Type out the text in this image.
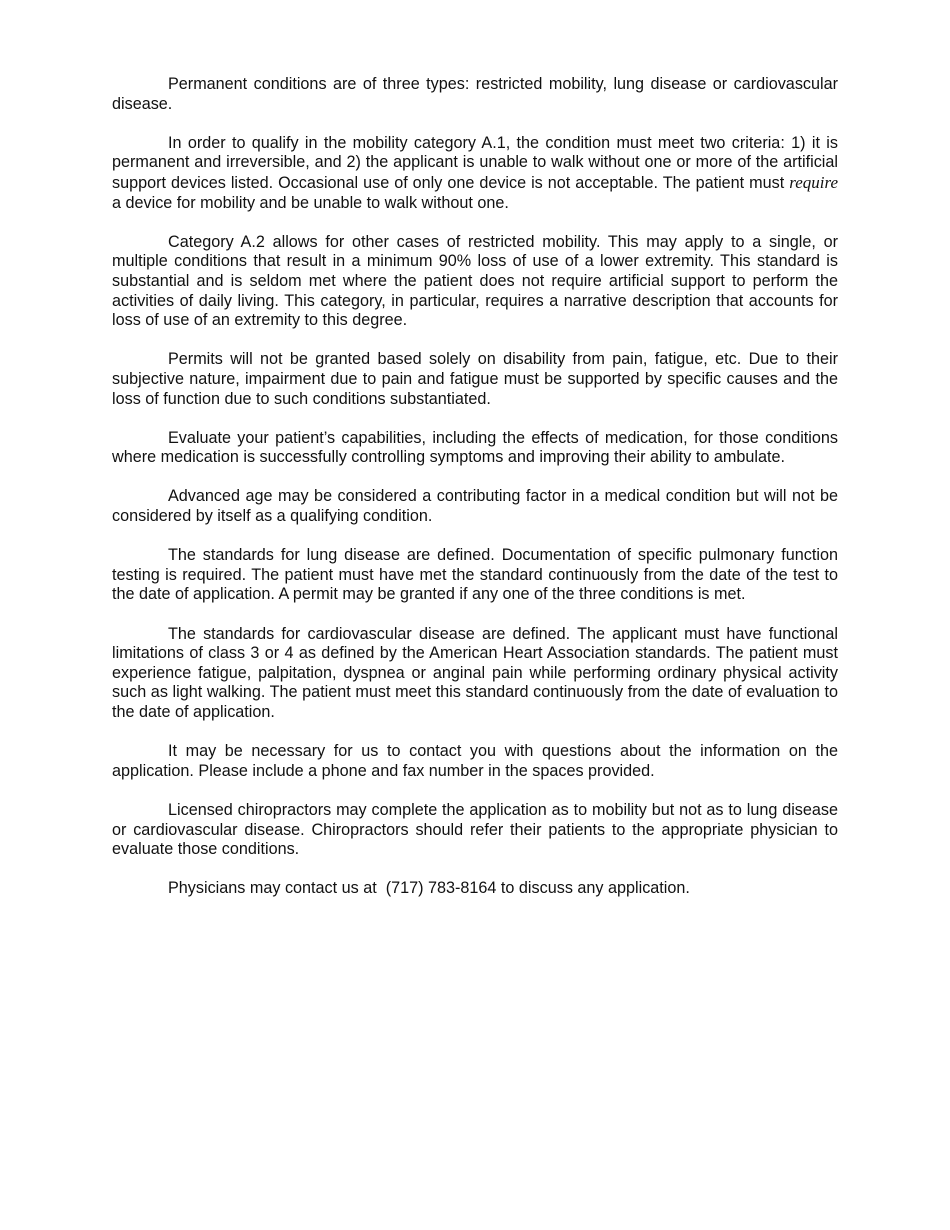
Permanent conditions are of three types: restricted mobility, lung disease or cardiovascular disease.

In order to qualify in the mobility category A.1, the condition must meet two criteria: 1) it is permanent and irreversible, and 2) the applicant is unable to walk without one or more of the artificial support devices listed. Occasional use of only one device is not acceptable. The patient must require a device for mobility and be unable to walk without one.

Category A.2 allows for other cases of restricted mobility. This may apply to a single, or multiple conditions that result in a minimum 90% loss of use of a lower extremity. This standard is substantial and is seldom met where the patient does not require artificial support to perform the activities of daily living. This category, in particular, requires a narrative description that accounts for loss of use of an extremity to this degree.

Permits will not be granted based solely on disability from pain, fatigue, etc. Due to their subjective nature, impairment due to pain and fatigue must be supported by specific causes and the loss of function due to such conditions substantiated.

Evaluate your patient’s capabilities, including the effects of medication, for those conditions where medication is successfully controlling symptoms and improving their ability to ambulate.

Advanced age may be considered a contributing factor in a medical condition but will not be considered by itself as a qualifying condition.

The standards for lung disease are defined. Documentation of specific pulmonary function testing is required. The patient must have met the standard continuously from the date of the test to the date of application. A permit may be granted if any one of the three conditions is met.

The standards for cardiovascular disease are defined. The applicant must have functional limitations of class 3 or 4 as defined by the American Heart Association standards. The patient must experience fatigue, palpitation, dyspnea or anginal pain while performing ordinary physical activity such as light walking. The patient must meet this standard continuously from the date of evaluation to the date of application.

It may be necessary for us to contact you with questions about the information on the application. Please include a phone and fax number in the spaces provided.

Licensed chiropractors may complete the application as to mobility but not as to lung disease or cardiovascular disease. Chiropractors should refer their patients to the appropriate physician to evaluate those conditions.

Physicians may contact us at  (717) 783-8164 to discuss any application.
